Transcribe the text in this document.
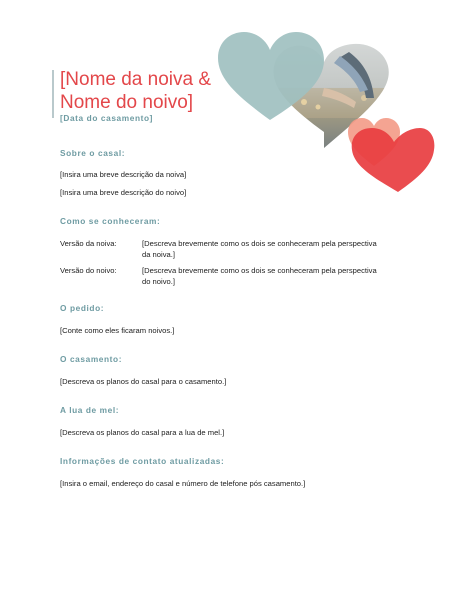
[Nome da noiva &
Nome do noivo]
[Data do casamento]
Sobre o casal:
[Insira uma breve descrição da noiva]
[Insira uma breve descrição do noivo]
Como se conheceram:
Versão da noiva:	[Descreva brevemente como os dois se conheceram pela perspectiva da noiva.]
Versão do noivo:	[Descreva brevemente como os dois se conheceram pela perspectiva do noivo.]
O pedido:
[Conte como eles ficaram noivos.]
O casamento:
[Descreva os planos do casal para o casamento.]
A lua de mel:
[Descreva os planos do casal para a lua de mel.]
Informações de contato atualizadas:
[Insira o email, endereço do casal e número de telefone pós casamento.]
